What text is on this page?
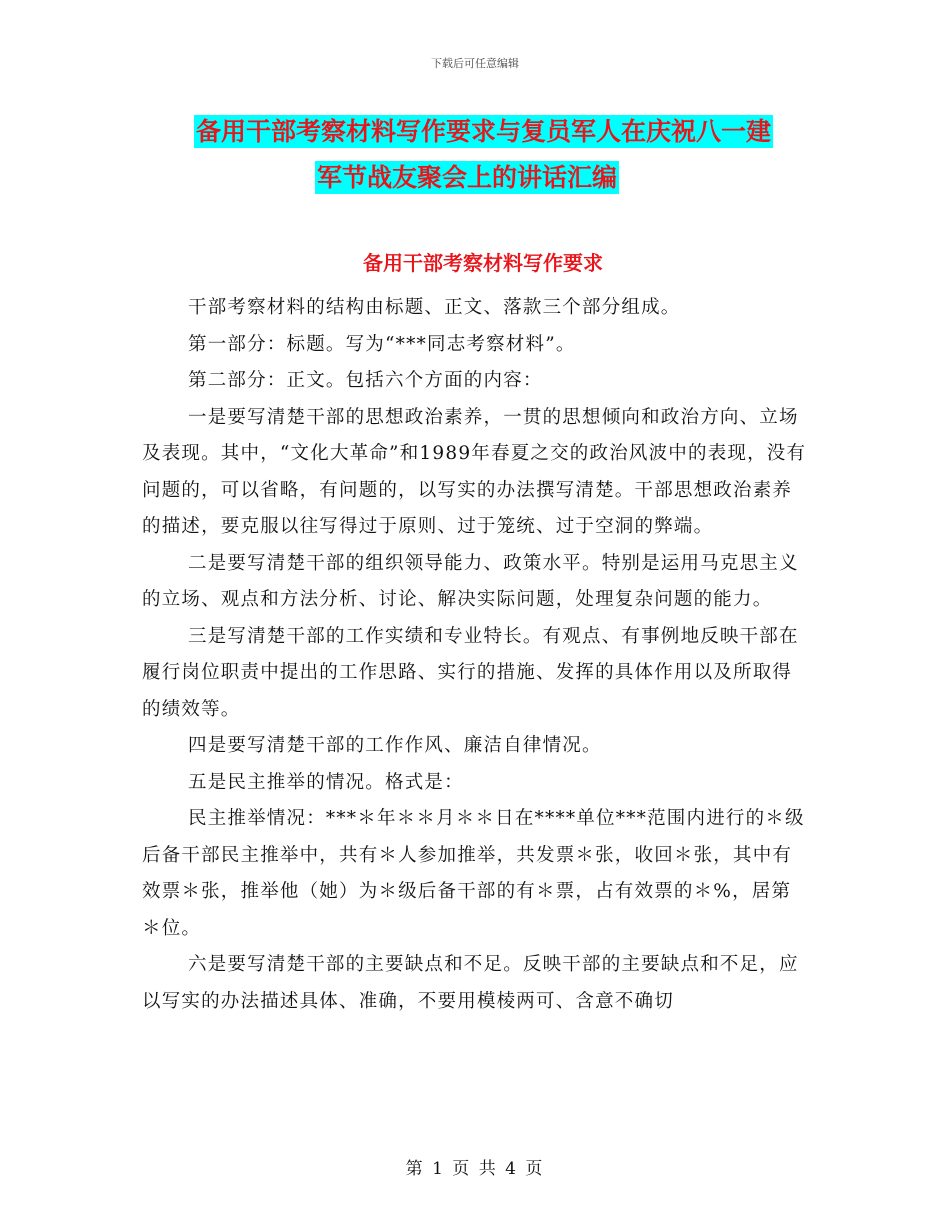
下载后可任意编辑
备用干部考察材料写作要求与复员军人在庆祝八一建
军节战友聚会上的讲话汇编
备用干部考察材料写作要求

干部考察材料的结构由标题、正文、落款三个部分组成。

第一部分：标题。写为“***同志考察材料”。

第二部分：正文。包括六个方面的内容：

一是要写清楚干部的思想政治素养，一贯的思想倾向和政治方向、立场及表现。其中，“文化大革命”和1989年春夏之交的政治风波中的表现，没有问题的，可以省略，有问题的，以写实的办法撰写清楚。干部思想政治素养的描述，要克服以往写得过于原则、过于笼统、过于空洞的弊端。

二是要写清楚干部的组织领导能力、政策水平。特别是运用马克思主义的立场、观点和方法分析、讨论、解决实际问题，处理复杂问题的能力。

三是写清楚干部的工作实绩和专业特长。有观点、有事例地反映干部在履行岗位职责中提出的工作思路、实行的措施、发挥的具体作用以及所取得的绩效等。

四是要写清楚干部的工作作风、廉洁自律情况。

五是民主推举的情况。格式是：

民主推举情况：***＊年＊＊月＊＊日在****单位***范围内进行的＊级后备干部民主推举中，共有＊人参加推举，共发票＊张，收回＊张，其中有效票＊张，推举他（她）为＊级后备干部的有＊票，占有效票的＊%，居第＊位。

六是要写清楚干部的主要缺点和不足。反映干部的主要缺点和不足，应以写实的办法描述具体、准确，不要用模棱两可、含意不确切

第 1 页 共 4 页
